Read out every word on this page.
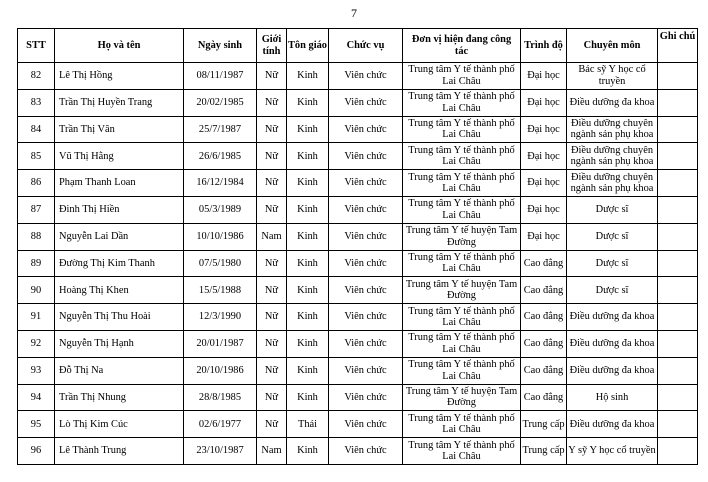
7
STT	Họ và tên	Ngày sinh	Giới tính	Tôn giáo	Chức vụ	Đơn vị hiện đang công tác	Trình độ	Chuyên môn	Ghi chú
82	Lê Thị Hồng	08/11/1987	Nữ	Kinh	Viên chức	Trung tâm Y tế thành phố Lai Châu	Đại học	Bác sỹ Y học cổ truyền	
83	Trần Thị Huyền Trang	20/02/1985	Nữ	Kinh	Viên chức	Trung tâm Y tế thành phố Lai Châu	Đại học	Điều dưỡng đa khoa	
84	Trần Thị Vân	25/7/1987	Nữ	Kinh	Viên chức	Trung tâm Y tế thành phố Lai Châu	Đại học	Điều dưỡng chuyên ngành sản phụ khoa	
85	Vũ Thị Hằng	26/6/1985	Nữ	Kinh	Viên chức	Trung tâm Y tế thành phố Lai Châu	Đại học	Điều dưỡng chuyên ngành sản phụ khoa	
86	Phạm Thanh Loan	16/12/1984	Nữ	Kinh	Viên chức	Trung tâm Y tế thành phố Lai Châu	Đại học	Điều dưỡng chuyên ngành sản phụ khoa	
87	Đinh Thị Hiền	05/3/1989	Nữ	Kinh	Viên chức	Trung tâm Y tế thành phố Lai Châu	Đại học	Dược sĩ	
88	Nguyễn Lai Dần	10/10/1986	Nam	Kinh	Viên chức	Trung tâm Y tế huyện Tam Đường	Đại học	Dược sĩ	
89	Đường Thị Kim Thanh	07/5/1980	Nữ	Kinh	Viên chức	Trung tâm Y tế thành phố Lai Châu	Cao đẳng	Dược sĩ	
90	Hoàng Thị Khen	15/5/1988	Nữ	Kinh	Viên chức	Trung tâm Y tế huyện Tam Đường	Cao đẳng	Dược sĩ	
91	Nguyễn Thị Thu Hoài	12/3/1990	Nữ	Kinh	Viên chức	Trung tâm Y tế thành phố Lai Châu	Cao đẳng	Điều dưỡng đa khoa	
92	Nguyễn Thị Hạnh	20/01/1987	Nữ	Kinh	Viên chức	Trung tâm Y tế thành phố Lai Châu	Cao đẳng	Điều dưỡng đa khoa	
93	Đỗ Thị Na	20/10/1986	Nữ	Kinh	Viên chức	Trung tâm Y tế thành phố Lai Châu	Cao đẳng	Điều dưỡng đa khoa	
94	Trần Thị Nhung	28/8/1985	Nữ	Kinh	Viên chức	Trung tâm Y tế huyện Tam Đường	Cao đẳng	Hộ sinh	
95	Lò Thị Kim Cúc	02/6/1977	Nữ	Thái	Viên chức	Trung tâm Y tế thành phố Lai Châu	Trung cấp	Điều dưỡng đa khoa	
96	Lê Thành Trung	23/10/1987	Nam	Kinh	Viên chức	Trung tâm Y tế thành phố Lai Châu	Trung cấp	Y sỹ Y học cổ truyền	
